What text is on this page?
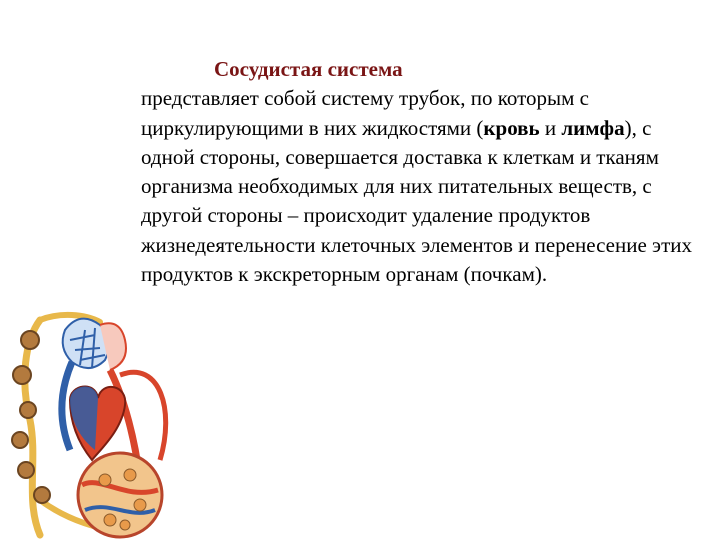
Сосудистая система
представляет собой систему трубок, по которым с циркулирующими в них жидкостями (кровь и лимфа), с одной стороны, совершается доставка к клеткам и тканям организма необходимых для них питательных веществ, с другой стороны – происходит удаление продуктов жизнедеятельности клеточных элементов и перенесение этих продуктов к экскреторным органам (почкам).
